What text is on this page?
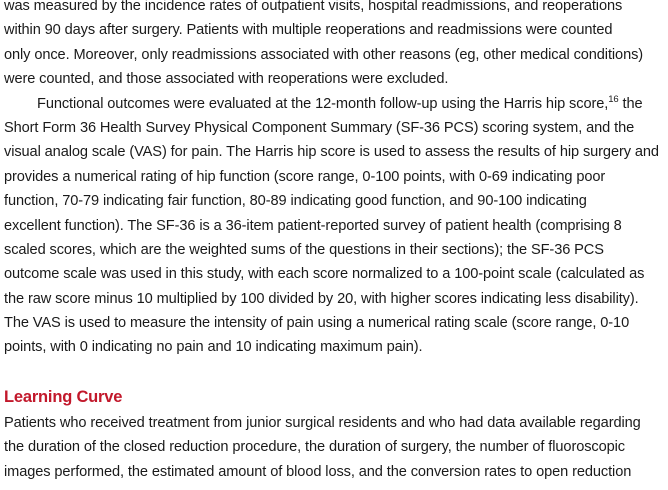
was measured by the incidence rates of outpatient visits, hospital readmissions, and reoperations
within 90 days after surgery. Patients with multiple reoperations and readmissions were counted
only once. Moreover, only readmissions associated with other reasons (eg, other medical conditions)
were counted, and those associated with reoperations were excluded.
Functional outcomes were evaluated at the 12-month follow-up using the Harris hip score,$^{16}$ the
Short Form 36 Health Survey Physical Component Summary (SF-36 PCS) scoring system, and the
visual analog scale (VAS) for pain. The Harris hip score is used to assess the results of hip surgery and
provides a numerical rating of hip function (score range, 0-100 points, with 0-69 indicating poor
function, 70-79 indicating fair function, 80-89 indicating good function, and 90-100 indicating
excellent function). The SF-36 is a 36-item patient-reported survey of patient health (comprising 8
scaled scores, which are the weighted sums of the questions in their sections); the SF-36 PCS
outcome scale was used in this study, with each score normalized to a 100-point scale (calculated as
the raw score minus 10 multiplied by 100 divided by 20, with higher scores indicating less disability).
The VAS is used to measure the intensity of pain using a numerical rating scale (score range, 0-10
points, with 0 indicating no pain and 10 indicating maximum pain).
Learning Curve
Patients who received treatment from junior surgical residents and who had data available regarding
the duration of the closed reduction procedure, the duration of surgery, the number of fluoroscopic
images performed, the estimated amount of blood loss, and the conversion rates to open reduction
